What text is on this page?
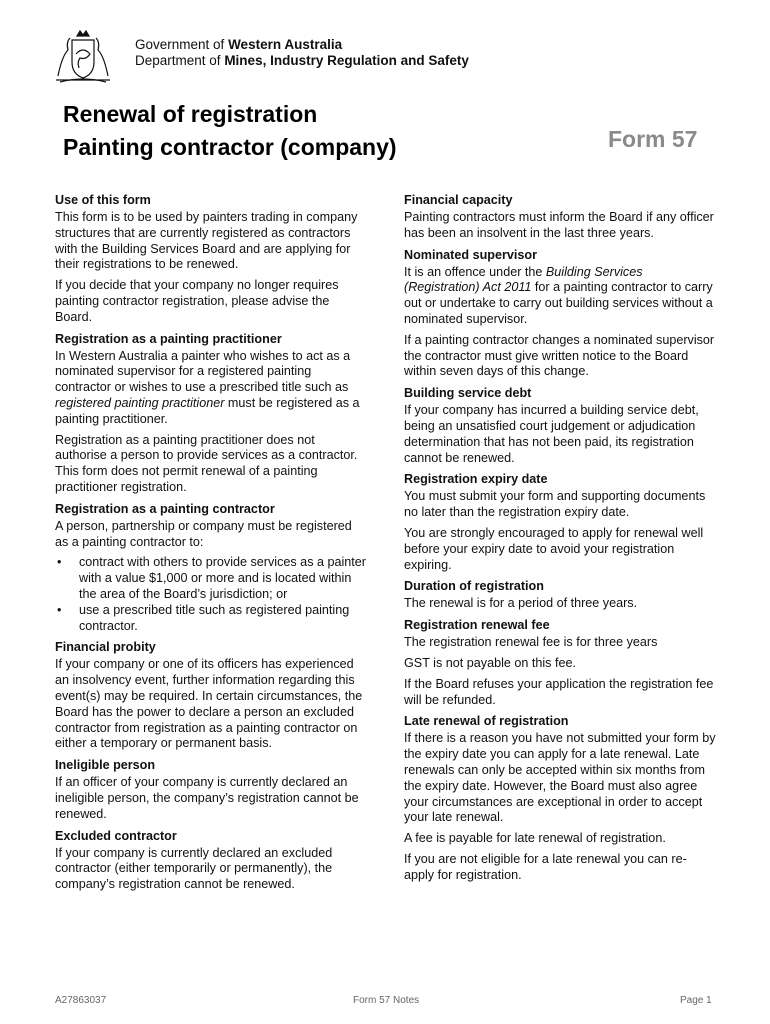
Government of Western Australia
Department of Mines, Industry Regulation and Safety
Renewal of registration
Painting contractor (company)	Form 57
Use of this form

This form is to be used by painters trading in company structures that are currently registered as contractors with the Building Services Board and are applying for their registrations to be renewed.

If you decide that your company no longer requires painting contractor registration, please advise the Board.

Registration as a painting practitioner

In Western Australia a painter who wishes to act as a nominated supervisor for a registered painting contractor or wishes to use a prescribed title such as registered painting practitioner must be registered as a painting practitioner.

Registration as a painting practitioner does not authorise a person to provide services as a contractor. This form does not permit renewal of a painting practitioner registration.

Registration as a painting contractor

A person, partnership or company must be registered as a painting contractor to:

• contract with others to provide services as a painter with a value $1,000 or more and is located within the area of the Board’s jurisdiction; or
• use a prescribed title such as registered painting contractor.
Financial probity

If your company or one of its officers has experienced an insolvency event, further information regarding this event(s) may be required. In certain circumstances, the Board has the power to declare a person an excluded contractor from registration as a painting contractor on either a temporary or permanent basis.

Ineligible person

If an officer of your company is currently declared an ineligible person, the company’s registration cannot be renewed.

Excluded contractor

If your company is currently declared an excluded contractor (either temporarily or permanently), the company’s registration cannot be renewed.

Financial capacity

Painting contractors must inform the Board if any officer has been an insolvent in the last three years.

Nominated supervisor

It is an offence under the Building Services (Registration) Act 2011 for a painting contractor to carry out or undertake to carry out building services without a nominated supervisor.

If a painting contractor changes a nominated supervisor the contractor must give written notice to the Board within seven days of this change.

Building service debt

If your company has incurred a building service debt, being an unsatisfied court judgement or adjudication determination that has not been paid, its registration cannot be renewed.

Registration expiry date

You must submit your form and supporting documents no later than the registration expiry date.

You are strongly encouraged to apply for renewal well before your expiry date to avoid your registration expiring.

Duration of registration

The renewal is for a period of three years.

Registration renewal fee

The registration renewal fee is for three years

GST is not payable on this fee.

If the Board refuses your application the registration fee will be refunded.

Late renewal of registration

If there is a reason you have not submitted your form by the expiry date you can apply for a late renewal. Late renewals can only be accepted within six months from the expiry date. However, the Board must also agree your circumstances are exceptional in order to accept your late renewal.

A fee is payable for late renewal of registration.

If you are not eligible for a late renewal you can re-apply for registration.

A27863037	Form 57 Notes	Page 1
